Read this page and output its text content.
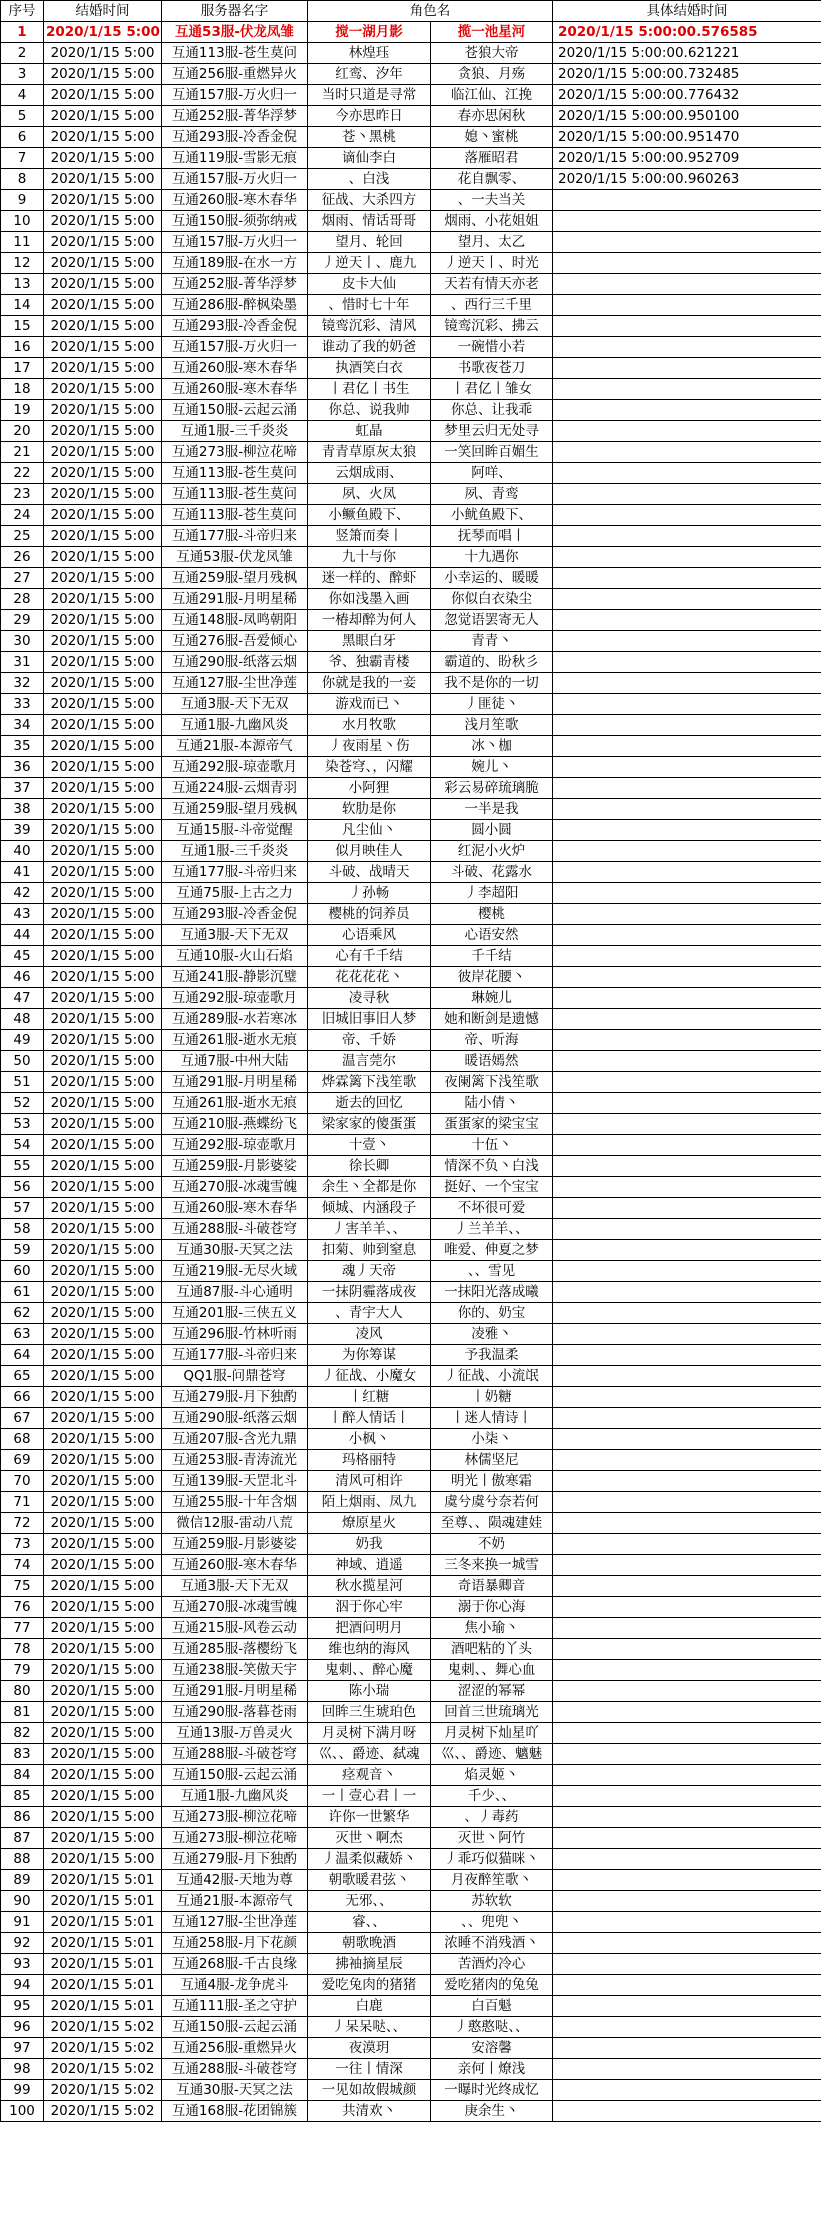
序号	结婚时间	服务器名字	角色名		具体结婚时间
1	2020/1/15 5:00	互通53服-伏龙凤雏	搅一湖月影	揽一池星河	2020/1/15 5:00:00.576585
2	2020/1/15 5:00	互通113服-苍生莫问	林煌珏	苍狼大帝	2020/1/15 5:00:00.621221
3	2020/1/15 5:00	互通256服-重燃异火	红鸾、汐年	贪狼、月殇	2020/1/15 5:00:00.732485
4	2020/1/15 5:00	互通157服-万火归一	当时只道是寻常	临江仙、江挽	2020/1/15 5:00:00.776432
5	2020/1/15 5:00	互通252服-菁华浮梦	今亦思昨日	春亦思闲秋	2020/1/15 5:00:00.950100
6	2020/1/15 5:00	互通293服-冷香金倪	苍丶黑桃	媳丶蜜桃	2020/1/15 5:00:00.951470
7	2020/1/15 5:00	互通119服-雪影无痕	谪仙李白	落雁昭君	2020/1/15 5:00:00.952709
8	2020/1/15 5:00	互通157服-万火归一	、白浅	花自飘零、	2020/1/15 5:00:00.960263
9	2020/1/15 5:00	互通260服-寒木春华	征战、大杀四方	、一夫当关	
10	2020/1/15 5:00	互通150服-须弥纳戒	烟雨、情话哥哥	烟雨、小花姐姐	
11	2020/1/15 5:00	互通157服-万火归一	望月、轮回	望月、太乙	
12	2020/1/15 5:00	互通189服-在水一方	丿逆天丨、鹿九	丿逆天丨、时光	
13	2020/1/15 5:00	互通252服-菁华浮梦	皮卡大仙	天若有情天亦老	
14	2020/1/15 5:00	互通286服-醉枫染墨	、惜时七十年	、西行三千里	
15	2020/1/15 5:00	互通293服-冷香金倪	镜鸾沉彩、清风	镜鸾沉彩、拂云	
16	2020/1/15 5:00	互通157服-万火归一	谁动了我的奶爸	一碗惜小若	
17	2020/1/15 5:00	互通260服-寒木春华	执酒笑白衣	书歌夜苍刀	
18	2020/1/15 5:00	互通260服-寒木春华	丨君亿丨书生	丨君亿丨雏女	
19	2020/1/15 5:00	互通150服-云起云涌	你总、说我帅	你总、让我乖	
20	2020/1/15 5:00	互通1服-三千炎炎	虹晶	梦里云归无处寻	
21	2020/1/15 5:00	互通273服-柳泣花啼	青青草原灰太狼	一笑回眸百媚生	
22	2020/1/15 5:00	互通113服-苍生莫问	云烟成雨、	阿咩、	
23	2020/1/15 5:00	互通113服-苍生莫问	夙、火凤	夙、青鸾	
24	2020/1/15 5:00	互通113服-苍生莫问	小鳜鱼殿下、	小鱿鱼殿下、	
25	2020/1/15 5:00	互通177服-斗帝归来	竖箫而奏丨	抚琴而唱丨	
26	2020/1/15 5:00	互通53服-伏龙凤雏	九十与你	十九遇你	
27	2020/1/15 5:00	互通259服-望月残枫	迷一样的、醉虾	小幸运的、暖暖	
28	2020/1/15 5:00	互通291服-月明星稀	你如浅墨入画	你似白衣染尘	
29	2020/1/15 5:00	互通148服-凤鸣朝阳	一椿却醉为何人	忽觉语罢寄无人	
30	2020/1/15 5:00	互通276服-吾爱倾心	黑眼白牙	青青丶	
31	2020/1/15 5:00	互通290服-纸落云烟	爷、独霸青楼	霸道的、盼秋彡	
32	2020/1/15 5:00	互通127服-尘世净莲	你就是我的一妾	我不是你的一切	
33	2020/1/15 5:00	互通3服-天下无双	游戏而已丶	丿匪徒丶	
34	2020/1/15 5:00	互通1服-九幽风炎	水月牧歌	浅月笙歌	
35	2020/1/15 5:00	互通21服-本源帝气	丿夜雨星丶伤	冰丶枷	
36	2020/1/15 5:00	互通292服-琼壶歌月	染苍穹、，闪耀	婉儿丶	
37	2020/1/15 5:00	互通224服-云烟青羽	小阿狸	彩云易碎琉璃脆	
38	2020/1/15 5:00	互通259服-望月残枫	软肋是你	一半是我	
39	2020/1/15 5:00	互通15服-斗帝觉醒	凡尘仙丶	圆小圆	
40	2020/1/15 5:00	互通1服-三千炎炎	似月映佳人	红泥小火炉	
41	2020/1/15 5:00	互通177服-斗帝归来	斗破、战晴天	斗破、花露水	
42	2020/1/15 5:00	互通75服-上古之力	丿孙畅	丿李超阳	
43	2020/1/15 5:00	互通293服-冷香金倪	樱桃的饲养员	樱桃	
44	2020/1/15 5:00	互通3服-天下无双	心语乘风	心语安然	
45	2020/1/15 5:00	互通10服-火山石焰	心有千千结	千千结	
46	2020/1/15 5:00	互通241服-静影沉璧	花花花花丶	彼岸花腰丶	
47	2020/1/15 5:00	互通292服-琼壶歌月	凌寻秋	琳婉儿	
48	2020/1/15 5:00	互通289服-水若寒冰	旧城旧事旧人梦	她和断剑是遗憾	
49	2020/1/15 5:00	互通261服-逝水无痕	帝、千娇	帝、听海	
50	2020/1/15 5:00	互通7服-中州大陆	温言莞尔	暖语嫣然	
51	2020/1/15 5:00	互通291服-月明星稀	烨霖篱下浅笙歌	夜阑篱下浅笙歌	
52	2020/1/15 5:00	互通261服-逝水无痕	逝去的回忆	陆小倩丶	
53	2020/1/15 5:00	互通210服-燕蝶纷飞	梁家家的傻蛋蛋	蛋蛋家的梁宝宝	
54	2020/1/15 5:00	互通292服-琼壶歌月	十壹丶	十伍丶	
55	2020/1/15 5:00	互通259服-月影婆娑	徐长卿	情深不负丶白浅	
56	2020/1/15 5:00	互通270服-冰魂雪魄	余生丶全都是你	挺好、一个宝宝	
57	2020/1/15 5:00	互通260服-寒木春华	倾城、内涵段子	不坏很可爱	
58	2020/1/15 5:00	互通288服-斗破苍穹	丿害羊羊、、	丿兰羊羊、、	
59	2020/1/15 5:00	互通30服-天冥之法	扣菊、帅到窒息	唯爱、伸夏之梦	
60	2020/1/15 5:00	互通219服-无尽火域	魂丿天帝	、、雪见	
61	2020/1/15 5:00	互通87服-斗心通明	一抹阴霾落成夜	一抹阳光落成曦	
62	2020/1/15 5:00	互通201服-三侠五义	、青宇大人	你的、奶宝	
63	2020/1/15 5:00	互通296服-竹林听雨	凌风	凌雅丶	
64	2020/1/15 5:00	互通177服-斗帝归来	为你筹谋	予我温柔	
65	2020/1/15 5:00	QQ1服-问鼎苍穹	丿征战、小魔女	丿征战、小流氓	
66	2020/1/15 5:00	互通279服-月下独酌	丨红糖	丨奶糖	
67	2020/1/15 5:00	互通290服-纸落云烟	丨醉人情话丨	丨迷人情诗丨	
68	2020/1/15 5:00	互通207服-含光九鼎	小枫丶	小柒丶	
69	2020/1/15 5:00	互通253服-青涛流光	玛格丽特	林儒坚尼	
70	2020/1/15 5:00	互通139服-天罡北斗	清风可相许	明光丨傲寒霜	
71	2020/1/15 5:00	互通255服-十年含烟	陌上烟雨、凤九	虞兮虞兮奈若何	
72	2020/1/15 5:00	微信12服-雷动八荒	燎原星火	至尊、、陨魂建娃	
73	2020/1/15 5:00	互通259服-月影婆娑	奶我	不奶	
74	2020/1/15 5:00	互通260服-寒木春华	神域、逍遥	三冬来换一城雪	
75	2020/1/15 5:00	互通3服-天下无双	秋水揽星河	奇语暴卿音	
76	2020/1/15 5:00	互通270服-冰魂雪魄	泅于你心牢	溺于你心海	
77	2020/1/15 5:00	互通215服-风卷云动	把酒问明月	焦小瑜丶	
78	2020/1/15 5:00	互通285服-落樱纷飞	维也纳的海风	酒吧粘的丫头	
79	2020/1/15 5:00	互通238服-笑傲天宇	鬼刺、、醉心魔	鬼刺、、舞心血	
80	2020/1/15 5:00	互通291服-月明星稀	陈小瑞	涩涩的幂幂	
81	2020/1/15 5:00	互通290服-落暮苍雨	回眸三生琥珀色	回首三世琉璃光	
82	2020/1/15 5:00	互通13服-万兽灵火	月灵树下满月呀	月灵树下灿星吖	
83	2020/1/15 5:00	互通288服-斗破苍穹	巛、、爵迹、弑魂	巛、、爵迹、魑魅	
84	2020/1/15 5:00	互通150服-云起云涌	痉观音丶	焰灵姬丶	
85	2020/1/15 5:00	互通1服-九幽风炎	一丨壹心君丨一	千少、、	
86	2020/1/15 5:00	互通273服-柳泣花啼	许你一世繁华	、丿毒药	
87	2020/1/15 5:00	互通273服-柳泣花啼	灭世丶啊杰	灭世丶阿竹	
88	2020/1/15 5:00	互通279服-月下独酌	丿温柔似藏娇丶	丿乖巧似猫咪丶	
89	2020/1/15 5:01	互通42服-天地为尊	朝歌暖君弦丶	月夜醉笙歌丶	
90	2020/1/15 5:01	互通21服-本源帝气	无邪、、	苏软软	
91	2020/1/15 5:01	互通127服-尘世净莲	睿、、	、、兜兜丶	
92	2020/1/15 5:01	互通258服-月下花颜	朝歌晚酒	浓睡不消残酒丶	
93	2020/1/15 5:01	互通268服-千古良缘	拂袖摘星辰	苦酒灼冷心	
94	2020/1/15 5:01	互通4服-龙争虎斗	爱吃兔肉的猪猪	爱吃猪肉的兔兔	
95	2020/1/15 5:01	互通111服-圣之守护	白鹿	白百魁	
96	2020/1/15 5:02	互通150服-云起云涌	丿呆呆哒、、	丿憨憨哒、、	
97	2020/1/15 5:02	互通256服-重燃异火	夜漠玥	安溶馨	
98	2020/1/15 5:02	互通288服-斗破苍穹	一往丨情深	亲何丨燎浅	
99	2020/1/15 5:02	互通30服-天冥之法	一见如故假城颜	一曝时光终成忆	
100	2020/1/15 5:02	互通168服-花团锦簇	共清欢丶	庚余生丶	
